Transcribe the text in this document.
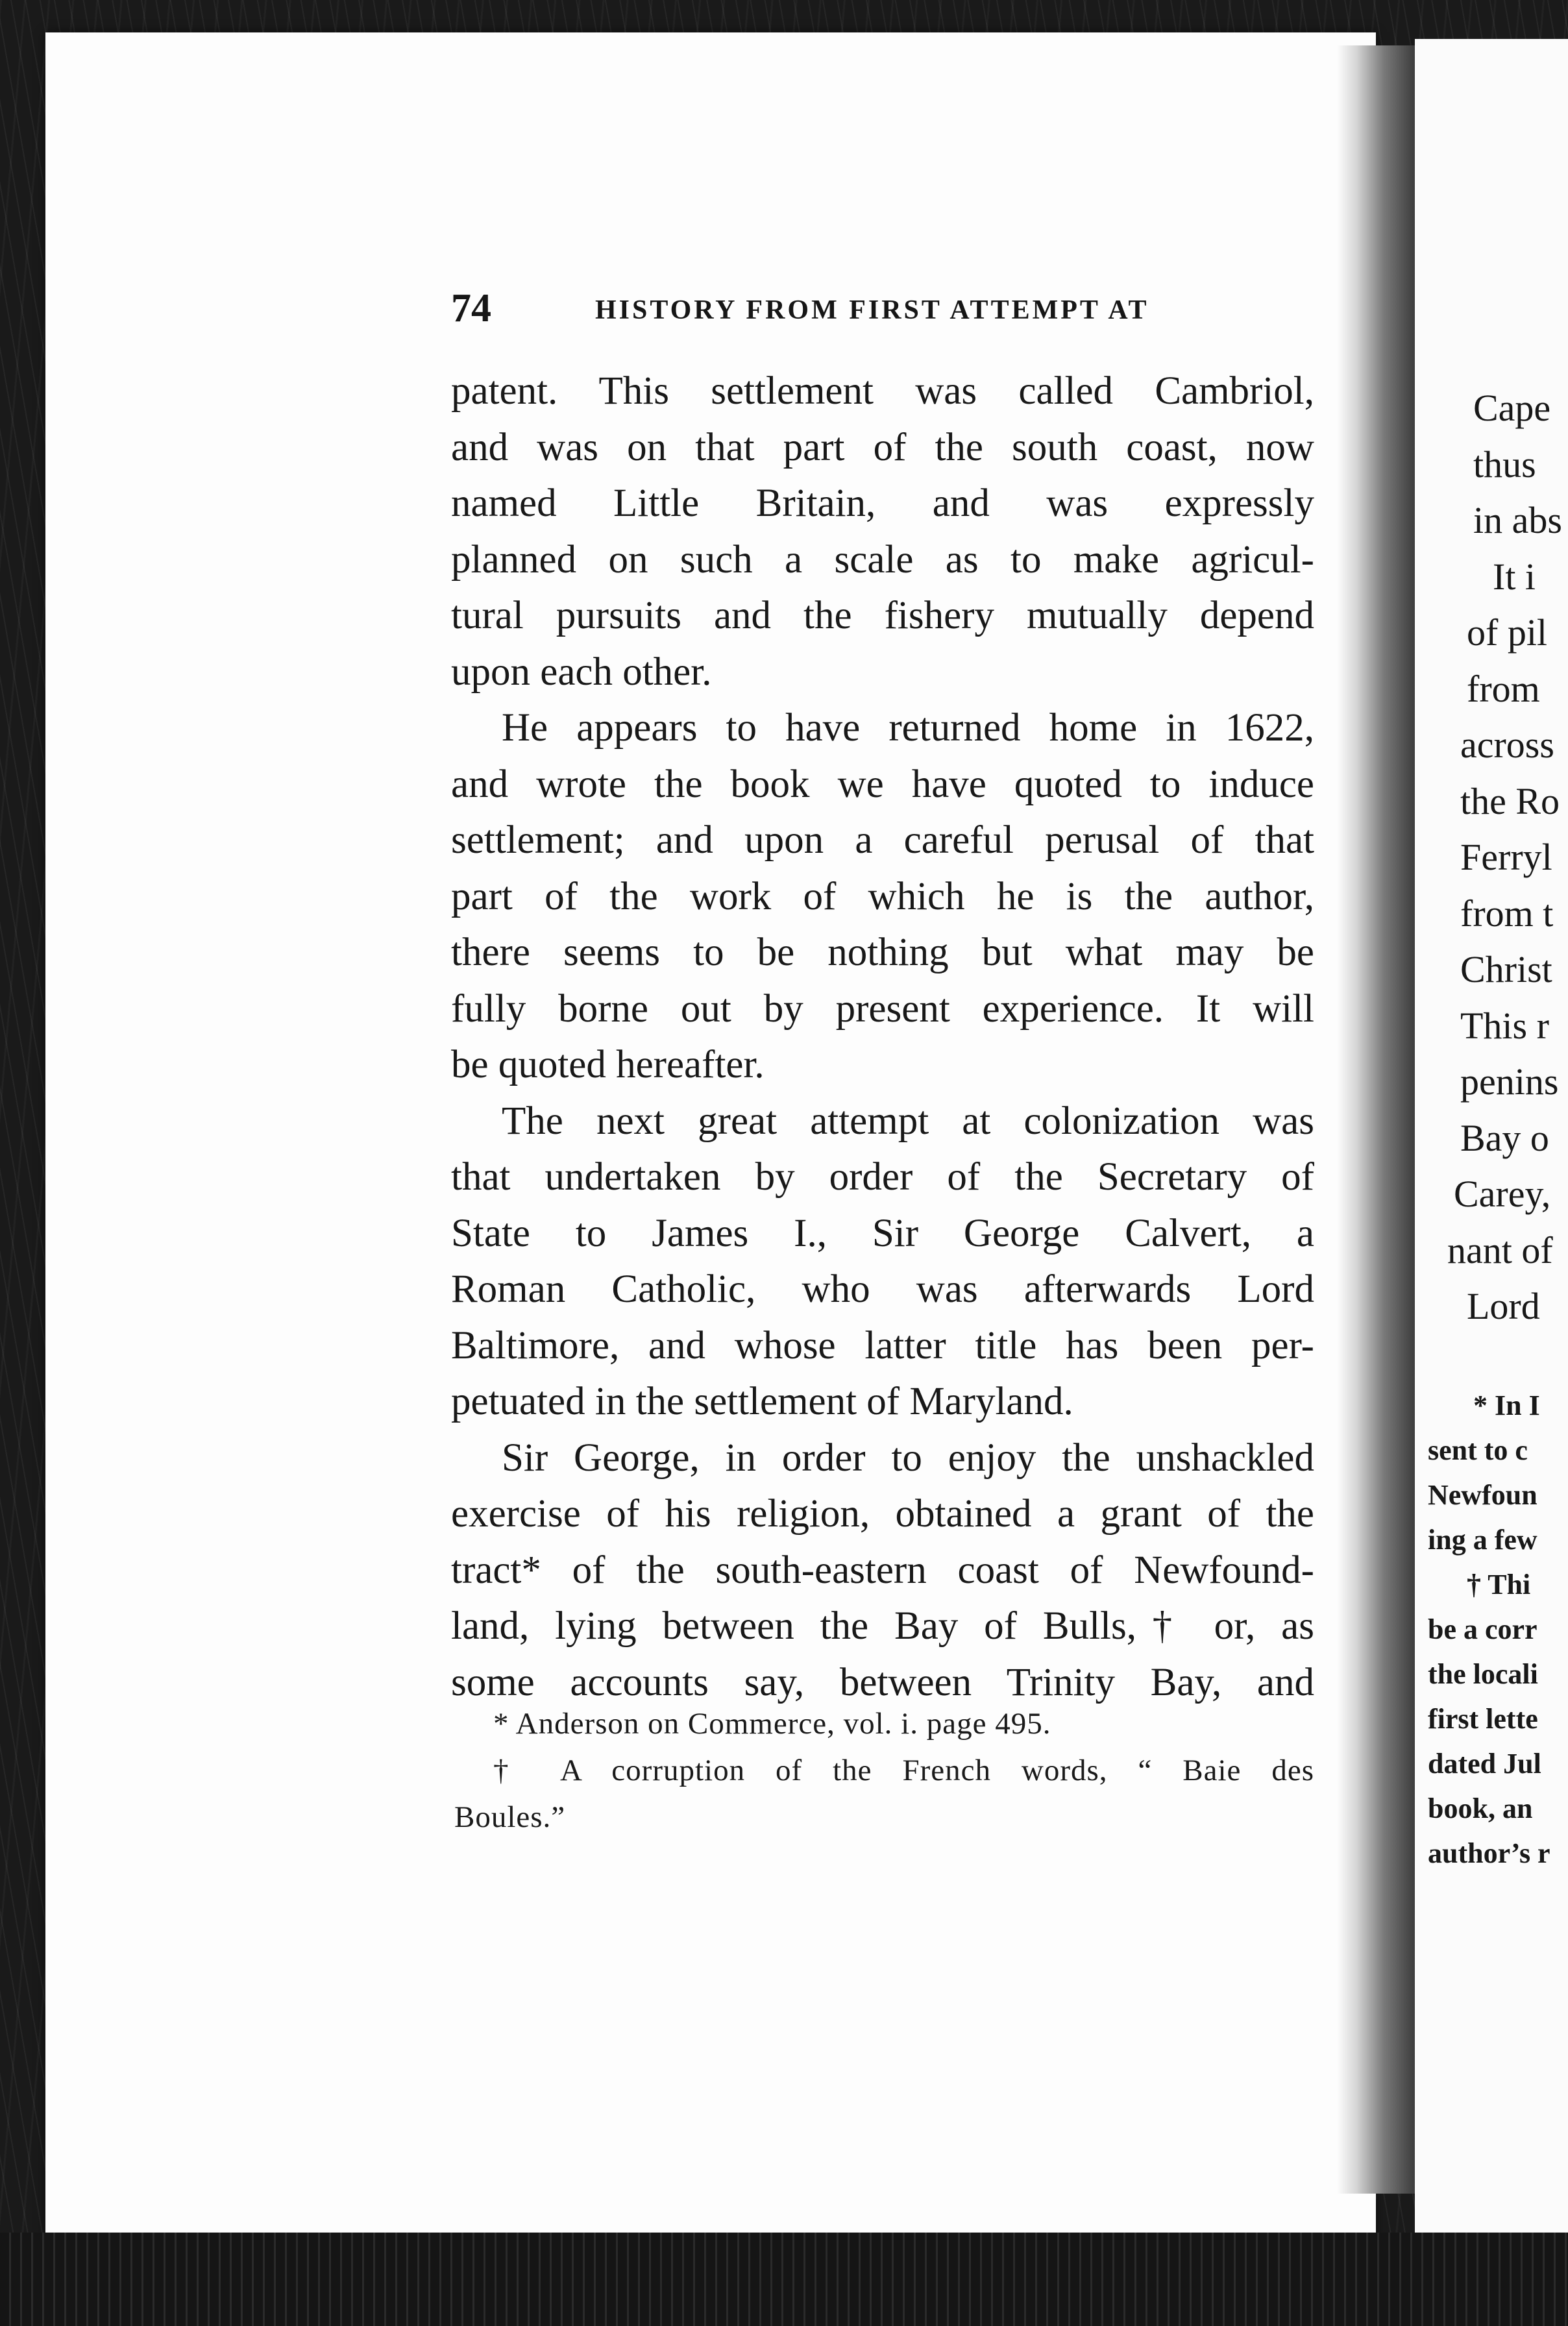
Cape
thus
in abs
It i
of pil
from
across
the Ro
Ferryl
from t
Christ
This r
penins
Bay o
Carey,
nant of
Lord
* In I
sent to c
Newfoun
ing a few
† Thi
be a corr
the locali
first lette
dated Jul
book, an
author’s r
74	HISTORY FROM FIRST ATTEMPT AT
patent. This settlement was called Cambriol,
and was on that part of the south coast, now
named Little Britain, and was expressly
planned on such a scale as to make agricul-
tural pursuits and the fishery mutually depend
upon each other.
He appears to have returned home in 1622,
and wrote the book we have quoted to induce
settlement; and upon a careful perusal of that
part of the work of which he is the author,
there seems to be nothing but what may be
fully borne out by present experience. It will
be quoted hereafter.
The next great attempt at colonization was
that undertaken by order of the Secretary of
State to James I., Sir George Calvert, a
Roman Catholic, who was afterwards Lord
Baltimore, and whose latter title has been per-
petuated in the settlement of Maryland.
Sir George, in order to enjoy the unshackled
exercise of his religion, obtained a grant of the
tract* of the south-eastern coast of Newfound-
land, lying between the Bay of Bulls,† or, as
some accounts say, between Trinity Bay, and
* Anderson on Commerce, vol. i. page 495.
† A corruption of the French words, “ Baie des
Boules.”
